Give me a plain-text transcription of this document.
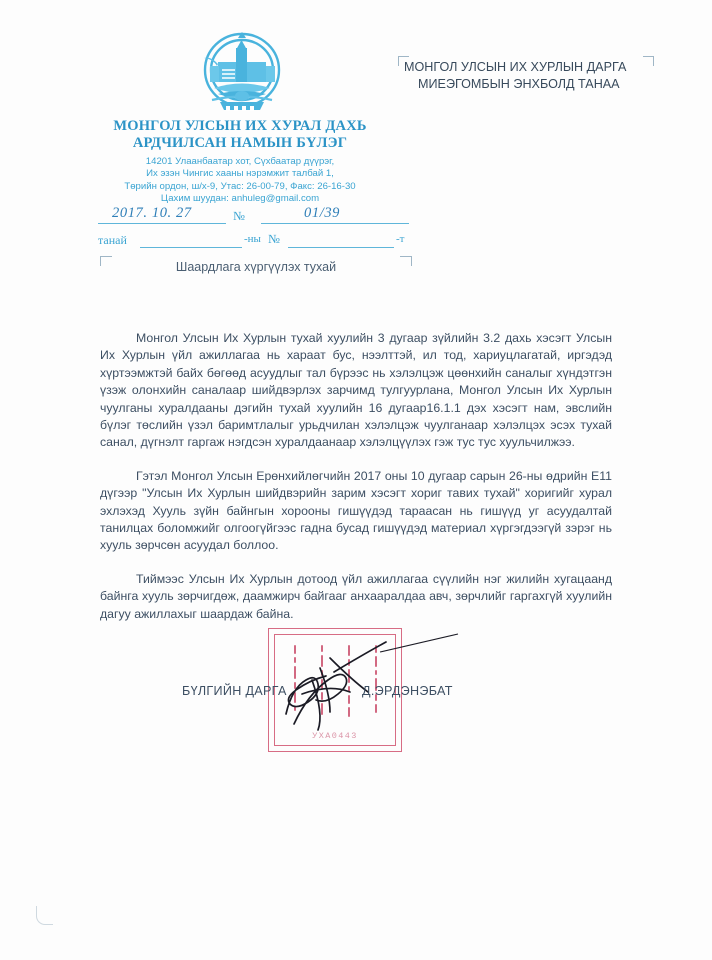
МОНГОЛ УЛСЫН ИХ ХУРАЛ ДАХЬ
АРДЧИЛСАН НАМЫН БҮЛЭГ
14201 Улаанбаатар хот, Сүхбаатар дүүрэг,
Их эзэн Чингис хааны нэрэмжит талбай 1,
Төрийн ордон, ш/х-9, Утас: 26-00-79, Факс: 26-16-30
Цахим шуудан: anhuleg@gmail.com
2017. 10. 27	№	01/39
танай	-ны №	-т
Шаардлага хүргүүлэх тухай
МОНГОЛ УЛСЫН ИХ ХУРЛЫН ДАРГА
МИЕЭГОМБЫН ЭНХБОЛД ТАНАА

Монгол Улсын Их Хурлын тухай хуулийн 3 дугаар зүйлийн 3.2 дахь хэсэгт Улсын Их Хурлын үйл ажиллагаа нь хараат бус, нээлттэй, ил тод, хариуцлагатай, иргэдэд хүртээмжтэй байх бөгөөд асуудлыг тал бүрээс нь хэлэлцэж цөөнхийн саналыг хүндэтгэн үзэж олонхийн саналаар шийдвэрлэх зарчимд тулгуурлана, Монгол Улсын Их Хурлын чуулганы хуралдааны дэгийн тухай хуулийн 16 дугаар16.1.1 дэх хэсэгт нам, эвслийн бүлэг төслийн үзэл баримтлалыг урьдчилан хэлэлцэж чуулганаар хэлэлцэх эсэх тухай санал, дүгнэлт гаргаж нэгдсэн хуралдаанаар хэлэлцүүлэх гэж тус тус хуульчилжээ.

Гэтэл Монгол Улсын Ерөнхийлөгчийн 2017 оны 10 дугаар сарын 26-ны өдрийн Е11 дүгээр "Улсын Их Хурлын шийдвэрийн зарим хэсэгт хориг тавих тухай" хоригийг хурал эхлэхэд Хууль зүйн байнгын хорооны гишүүдэд тараасан нь гишүүд уг асуудалтай танилцах боломжийг олгоогүйгээс гадна бусад гишүүдэд материал хүргэгдээгүй зэрэг нь хууль зөрчсөн асуудал боллоо.

Тиймээс Улсын Их Хурлын дотоод үйл ажиллагаа сүүлийн нэг жилийн хугацаанд байнга хууль зөрчигдөж, даамжирч байгааг анхааралдаа авч, зөрчлийг гаргахгүй хуулийн дагуу ажиллахыг шаардаж байна.

УХА0443
БҮЛГИЙН ДАРГА	Д.ЭРДЭНЭБАТ
